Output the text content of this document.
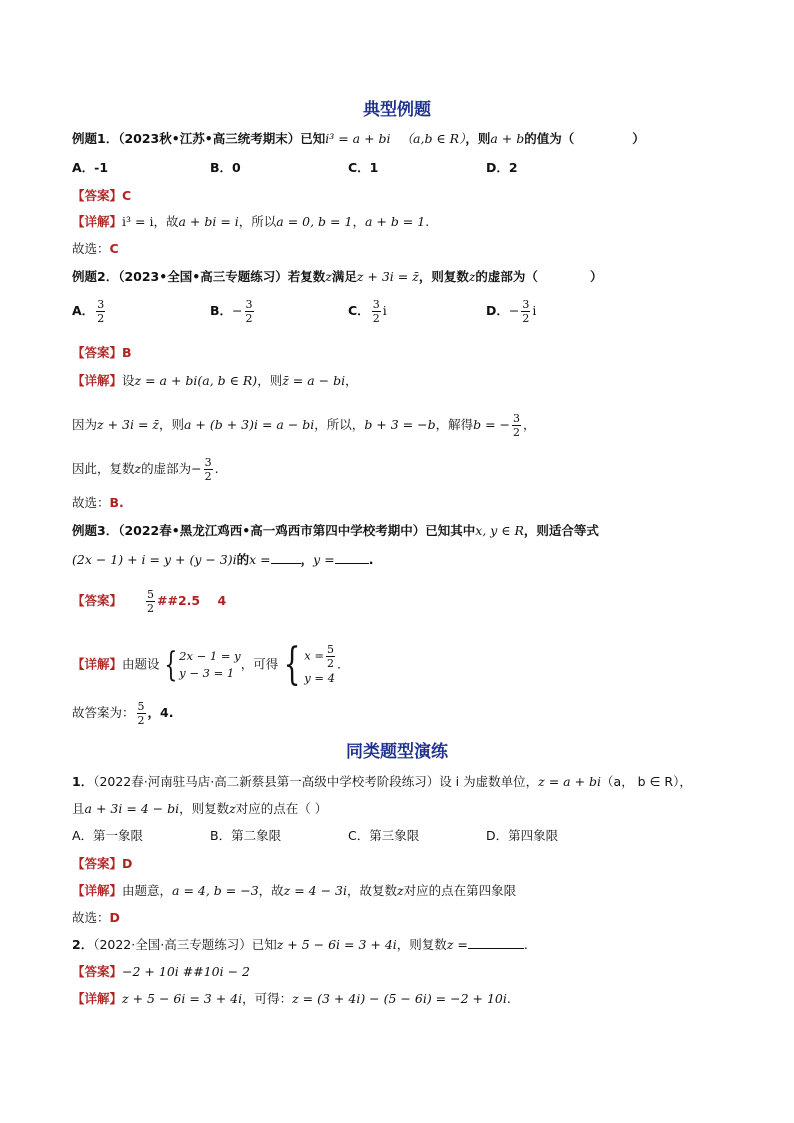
典型例题
例题1．（2023秋•江苏•高三统考期末）已知i³ = a + bi （a,b ∈ R），则a + b的值为（	）
A．-1	B．0	C．1	D．2
【答案】C
【详解】i³ = i，故a + bi = i，所以a = 0, b = 1，a + b = 1.
故选：C
例题2．（2023•全国•高三专题练习）若复数z满足z + 3i = z̄，则复数z的虚部为（	）
A． $\frac{3}{2}$	B．− $\frac{3}{2}$	C． $\frac{3}{2}$ i	D．− $\frac{3}{2}$ i
【答案】B
【详解】设z = a + bi(a, b ∈ R)，则z̄ = a − bi，
因为z + 3i = z̄，则a + (b + 3)i = a − bi，所以，b + 3 = −b，解得b = − $\frac{3}{2}$ ，
因此，复数z的虚部为− $\frac{3}{2}$ .
故选：B.
例题3．（2022春•黑龙江鸡西•高一鸡西市第四中学校考期中）已知其中x, y ∈ R，则适合等式
(2x − 1) + i = y + (y − 3)i的x = ，y =	.
【答案】 $\frac{5}{2}$ ##2.5    4
【详解】由题设 { 2x − 1 = y
y − 3 = 1
，可得 { $x = \frac{5}{2}$
y = 4
.
故答案为： $\frac{5}{2}$ ，4.
同类题型演练
1．（2022春·河南驻马店·高二新蔡县第一高级中学校考阶段练习）设 i 为虚数单位，z = a + bi（a， b ∈ R），
且a + 3i = 4 − bi，则复数z对应的点在（ ）
A．第一象限	B．第二象限	C．第三象限	D．第四象限
【答案】D
【详解】由题意，a = 4, b = −3，故z = 4 − 3i，故复数z对应的点在第四象限
故选：D
2．（2022·全国·高三专题练习）已知z + 5 − 6i = 3 + 4i，则复数z =	.
【答案】−2 + 10i ##10i − 2
【详解】z + 5 − 6i = 3 + 4i，可得：z = (3 + 4i) − (5 − 6i) = −2 + 10i.
